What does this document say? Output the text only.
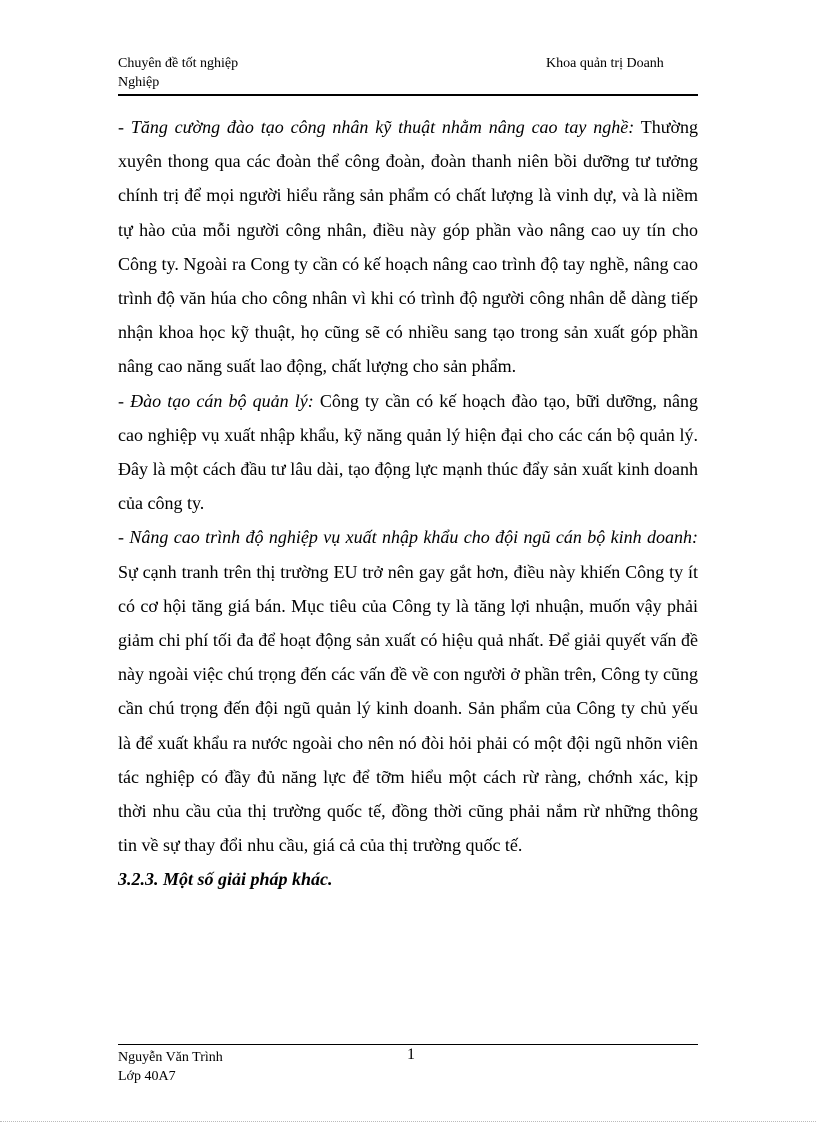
Chuyên đề tốt nghiệp
Nghiệp
Khoa quản trị Doanh

- Tăng cường đào tạo công nhân kỹ thuật nhằm nâng cao tay nghề: Thường xuyên thong qua các đoàn thể công đoàn, đoàn thanh niên bồi dưỡng tư tưởng chính trị để mọi người hiểu rằng sản phẩm có chất lượng là vinh dự, và là niềm tự hào của mỗi người công nhân, điều này góp phần vào nâng cao uy tín cho Công ty. Ngoài ra Cong ty cần có kế hoạch nâng cao trình độ tay nghề, nâng cao trình độ văn húa cho công nhân vì khi có trình độ người công nhân dễ dàng tiếp nhận khoa học kỹ thuật, họ cũng sẽ có nhiều sang tạo trong sản xuất góp phần nâng cao năng suất lao động, chất lượng cho sản phẩm.

- Đào tạo cán bộ quản lý: Công ty cần có kế hoạch đào tạo, bữi dưỡng, nâng cao nghiệp vụ xuất nhập khẩu, kỹ năng quản lý hiện đại cho các cán bộ quản lý. Đây là một cách đầu tư lâu dài, tạo động lực mạnh thúc đẩy sản xuất kinh doanh của công ty.

- Nâng cao trình độ nghiệp vụ xuất nhập khẩu cho đội ngũ cán bộ kinh doanh: Sự cạnh tranh trên thị trường EU trở nên gay gắt hơn, điều này khiến Công ty ít có cơ hội tăng giá bán. Mục tiêu của Công ty là tăng lợi nhuận, muốn vậy phải giảm chi phí tối đa để hoạt động sản xuất có hiệu quả nhất. Để giải quyết vấn đề này ngoài việc chú trọng đến các vấn đề về con người ở phần trên, Công ty cũng cần chú trọng đến đội ngũ quản lý kinh doanh. Sản phẩm của Công ty chủ yếu là để xuất khẩu ra nước ngoài cho nên nó đòi hỏi phải có một đội ngũ nhõn viên tác nghiệp có đầy đủ năng lực để tỡm hiểu một cách rừ ràng, chớnh xác, kịp thời nhu cầu của thị trường quốc tế, đồng thời cũng phải nắm rừ những thông tin về sự thay đổi nhu cầu, giá cả của thị trường quốc tế.

3.2.3. Một số giải pháp khác.

Nguyễn Văn Trình
Lớp 40A7
1
